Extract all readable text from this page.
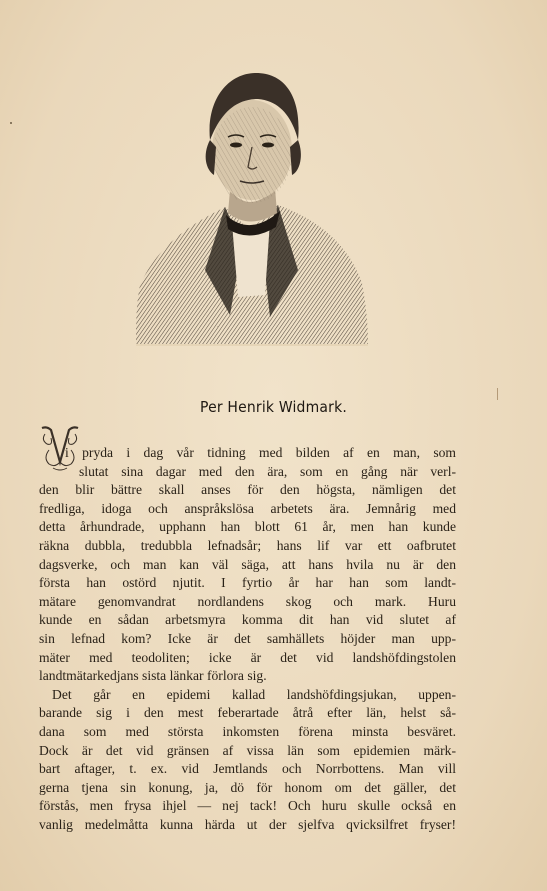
Per Henrik Widmark.
i pryda i dag vår tidning med bilden af en man, som
slutat sina dagar med den ära, som en gång när verl-
den blir bättre skall anses för den högsta, nämligen det
fredliga, idoga och anspråkslösa arbetets ära. Jemnårig med
detta århundrade, upphann han blott 61 år, men han kunde
räkna dubbla, tredubbla lefnadsår; hans lif var ett oafbrutet
dagsverke, och man kan väl säga, att hans hvila nu är den
första han ostörd njutit. I fyrtio år har han som landt-
mätare genomvandrat nordlandens skog och mark. Huru
kunde en sådan arbetsmyra komma dit han vid slutet af
sin lefnad kom? Icke är det samhällets höjder man upp-
mäter med teodoliten; icke är det vid landshöfdingstolen
landtmätarkedjans sista länkar förlora sig.
Det går en epidemi kallad landshöfdingsjukan, uppen-
barande sig i den mest feberartade åtrå efter län, helst så-
dana som med största inkomsten förena minsta besväret.
Dock är det vid gränsen af vissa län som epidemien märk-
bart aftager, t. ex. vid Jemtlands och Norrbottens. Man vill
gerna tjena sin konung, ja, dö för honom om det gäller, det
förstås, men frysa ihjel — nej tack! Och huru skulle också en
vanlig medelmåtta kunna härda ut der sjelfva qvicksilfret fryser!
